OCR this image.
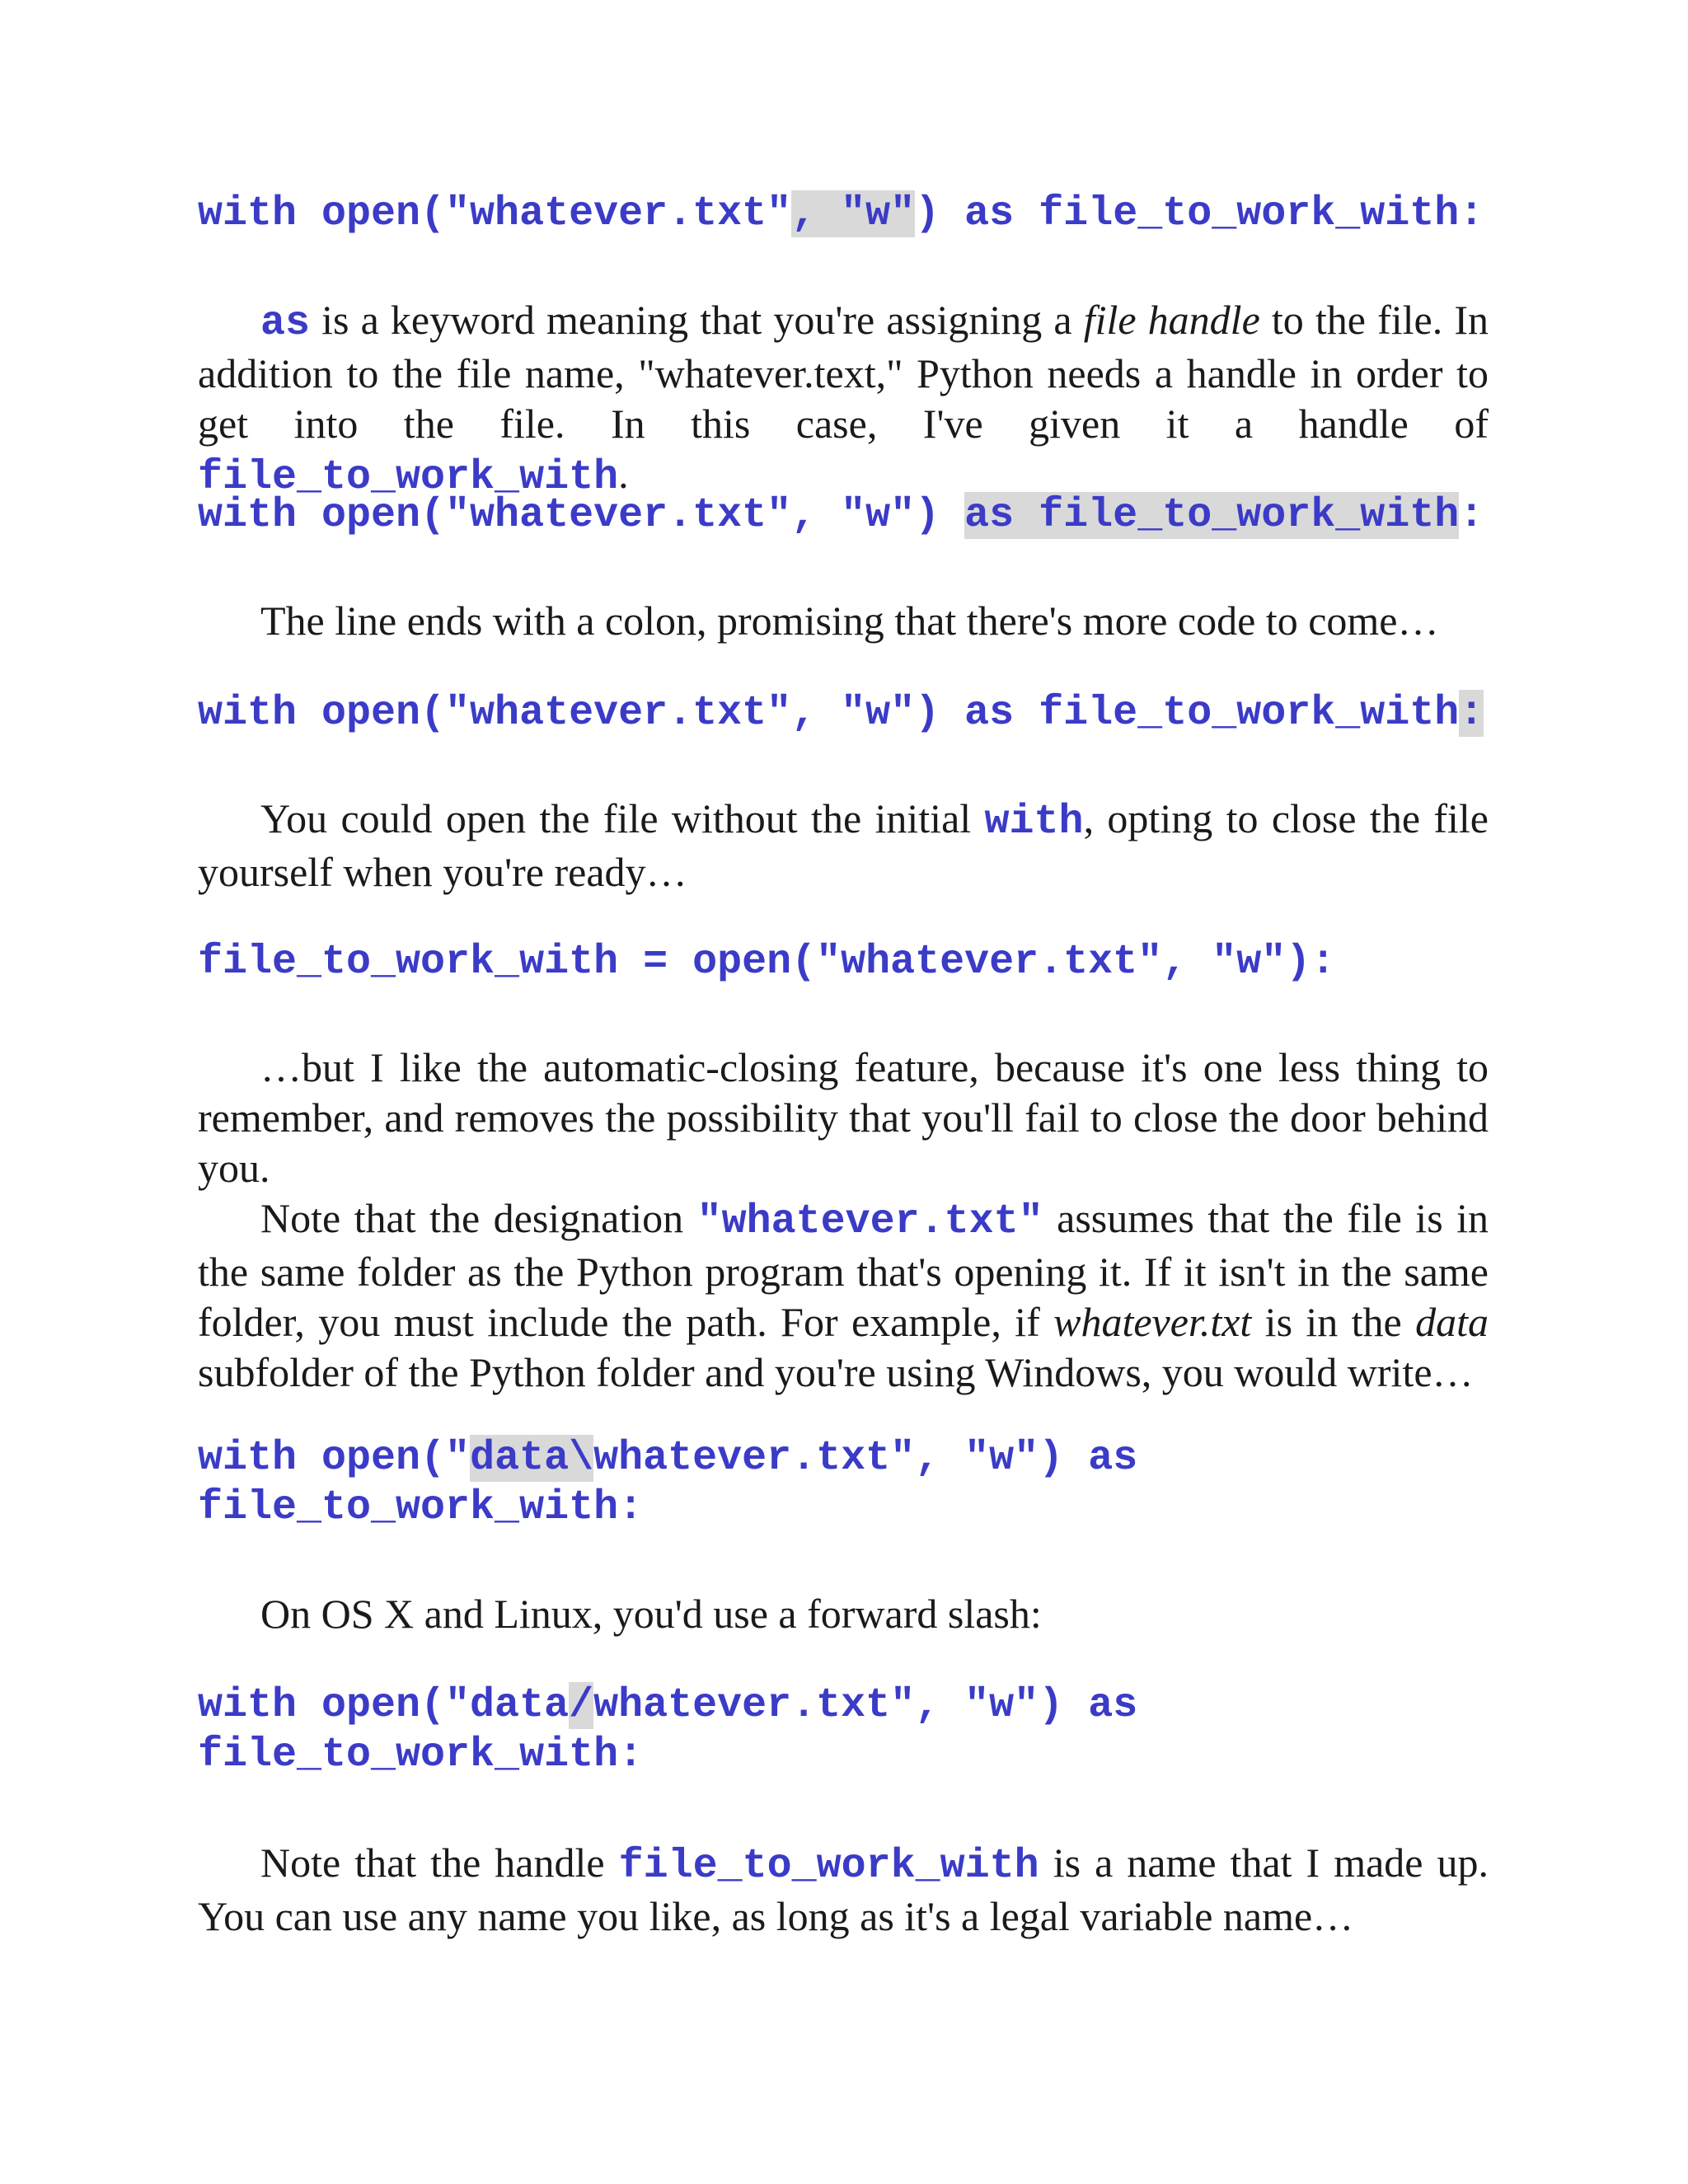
with open("whatever.txt", "w") as file_to_work_with:

as is a keyword meaning that you're assigning a file handle to the file. In addition to the file name, "whatever.text," Python needs a handle in order to get into the file. In this case, I've given it a handle of file_to_work_with.

with open("whatever.txt", "w") as file_to_work_with:

The line ends with a colon, promising that there's more code to come…

with open("whatever.txt", "w") as file_to_work_with:

You could open the file without the initial with, opting to close the file yourself when you're ready…

file_to_work_with = open("whatever.txt", "w"):

…but I like the automatic-closing feature, because it's one less thing to remember, and removes the possibility that you'll fail to close the door behind you.

Note that the designation "whatever.txt" assumes that the file is in the same folder as the Python program that's opening it. If it isn't in the same folder, you must include the path. For example, if whatever.txt is in the data subfolder of the Python folder and you're using Windows, you would write…

with open("data\whatever.txt", "w") as
file_to_work_with:

On OS X and Linux, you'd use a forward slash:

with open("data/whatever.txt", "w") as
file_to_work_with:

Note that the handle file_to_work_with is a name that I made up. You can use any name you like, as long as it's a legal variable name…
